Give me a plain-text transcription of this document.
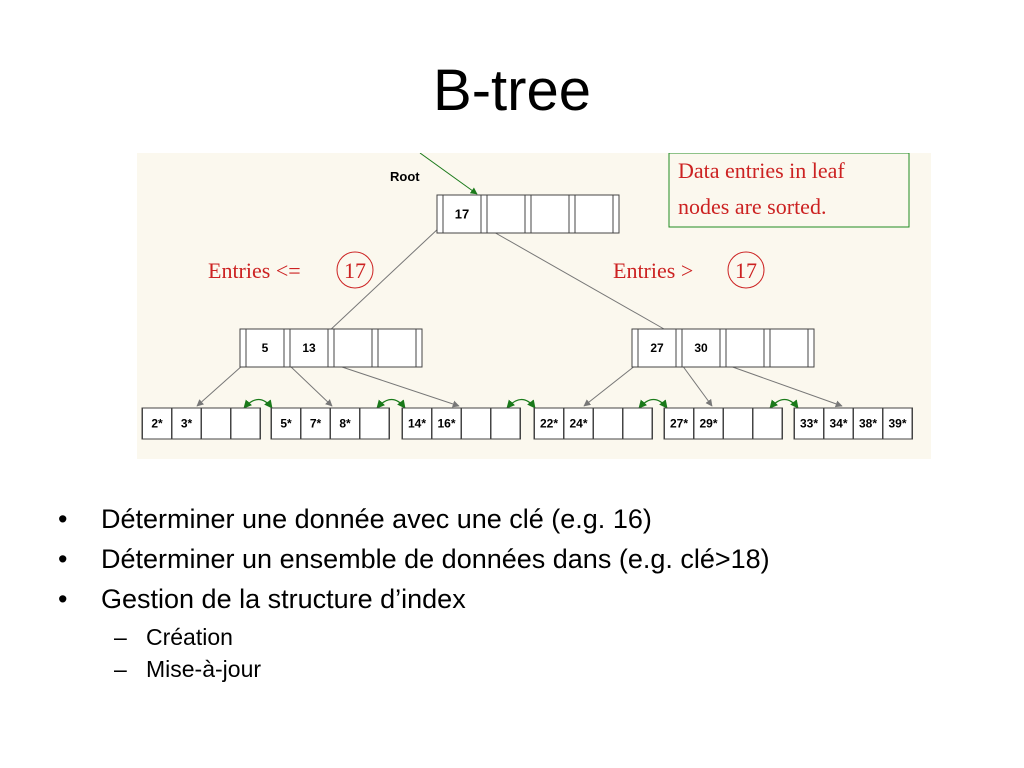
B-tree
Root	Data entries in leaf
nodes are sorted.
Entries <= 17	Entries > 17
17
5	13	27	30
2* 3*	5* 7* 8*	14* 16*	22* 24*	27* 29*	33* 34* 38* 39*
• Déterminer une donnée avec une clé (e.g. 16)
• Déterminer un ensemble de données dans (e.g. clé>18)
• Gestion de la structure d’index
– Création
– Mise-à-jour
